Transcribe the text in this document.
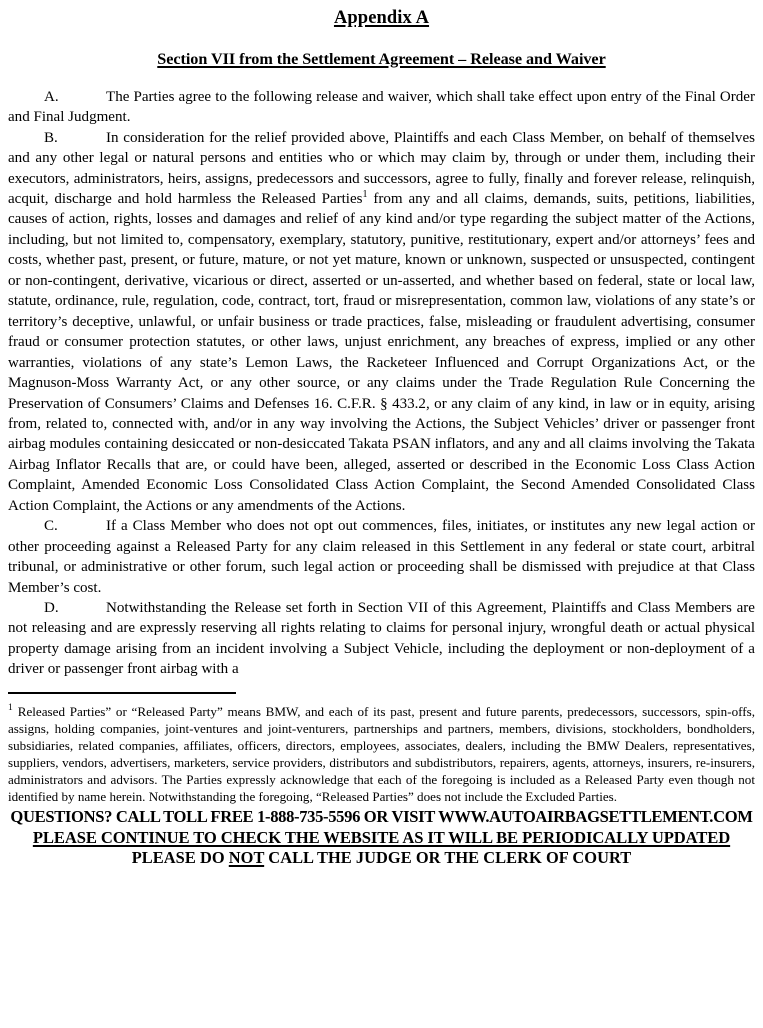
Appendix A
Section VII from the Settlement Agreement – Release and Waiver

A.	The Parties agree to the following release and waiver, which shall take effect upon entry of the Final Order and Final Judgment.

B.	In consideration for the relief provided above, Plaintiffs and each Class Member, on behalf of themselves and any other legal or natural persons and entities who or which may claim by, through or under them, including their executors, administrators, heirs, assigns, predecessors and successors, agree to fully, finally and forever release, relinquish, acquit, discharge and hold harmless the Released Parties$^1$ from any and all claims, demands, suits, petitions, liabilities, causes of action, rights, losses and damages and relief of any kind and/or type regarding the subject matter of the Actions, including, but not limited to, compensatory, exemplary, statutory, punitive, restitutionary, expert and/or attorneys’ fees and costs, whether past, present, or future, mature, or not yet mature, known or unknown, suspected or unsuspected, contingent or non-contingent, derivative, vicarious or direct, asserted or un-asserted, and whether based on federal, state or local law, statute, ordinance, rule, regulation, code, contract, tort, fraud or misrepresentation, common law, violations of any state’s or territory’s deceptive, unlawful, or unfair business or trade practices, false, misleading or fraudulent advertising, consumer fraud or consumer protection statutes, or other laws, unjust enrichment, any breaches of express, implied or any other warranties, violations of any state’s Lemon Laws, the Racketeer Influenced and Corrupt Organizations Act, or the Magnuson-Moss Warranty Act, or any other source, or any claims under the Trade Regulation Rule Concerning the Preservation of Consumers’ Claims and Defenses 16. C.F.R. § 433.2, or any claim of any kind, in law or in equity, arising from, related to, connected with, and/or in any way involving the Actions, the Subject Vehicles’ driver or passenger front airbag modules containing desiccated or non-desiccated Takata PSAN inflators, and any and all claims involving the Takata Airbag Inflator Recalls that are, or could have been, alleged, asserted or described in the Economic Loss Class Action Complaint, Amended Economic Loss Consolidated Class Action Complaint, the Second Amended Consolidated Class Action Complaint, the Actions or any amendments of the Actions.

C.	If a Class Member who does not opt out commences, files, initiates, or institutes any new legal action or other proceeding against a Released Party for any claim released in this Settlement in any federal or state court, arbitral tribunal, or administrative or other forum, such legal action or proceeding shall be dismissed with prejudice at that Class Member’s cost.

D.	Notwithstanding the Release set forth in Section VII of this Agreement, Plaintiffs and Class Members are not releasing and are expressly reserving all rights relating to claims for personal injury, wrongful death or actual physical property damage arising from an incident involving a Subject Vehicle, including the deployment or non-deployment of a driver or passenger front airbag with a

$^1$ Released Parties” or “Released Party” means BMW, and each of its past, present and future parents, predecessors, successors, spin-offs, assigns, holding companies, joint-ventures and joint-venturers, partnerships and partners, members, divisions, stockholders, bondholders, subsidiaries, related companies, affiliates, officers, directors, employees, associates, dealers, including the BMW Dealers, representatives, suppliers, vendors, advertisers, marketers, service providers, distributors and subdistributors, repairers, agents, attorneys, insurers, re-insurers, administrators and advisors. The Parties expressly acknowledge that each of the foregoing is included as a Released Party even though not identified by name herein. Notwithstanding the foregoing, “Released Parties” does not include the Excluded Parties.

QUESTIONS? CALL TOLL FREE 1-888-735-5596 OR VISIT WWW.AUTOAIRBAGSETTLEMENT.COM

PLEASE CONTINUE TO CHECK THE WEBSITE AS IT WILL BE PERIODICALLY UPDATED

PLEASE DO NOT CALL THE JUDGE OR THE CLERK OF COURT
